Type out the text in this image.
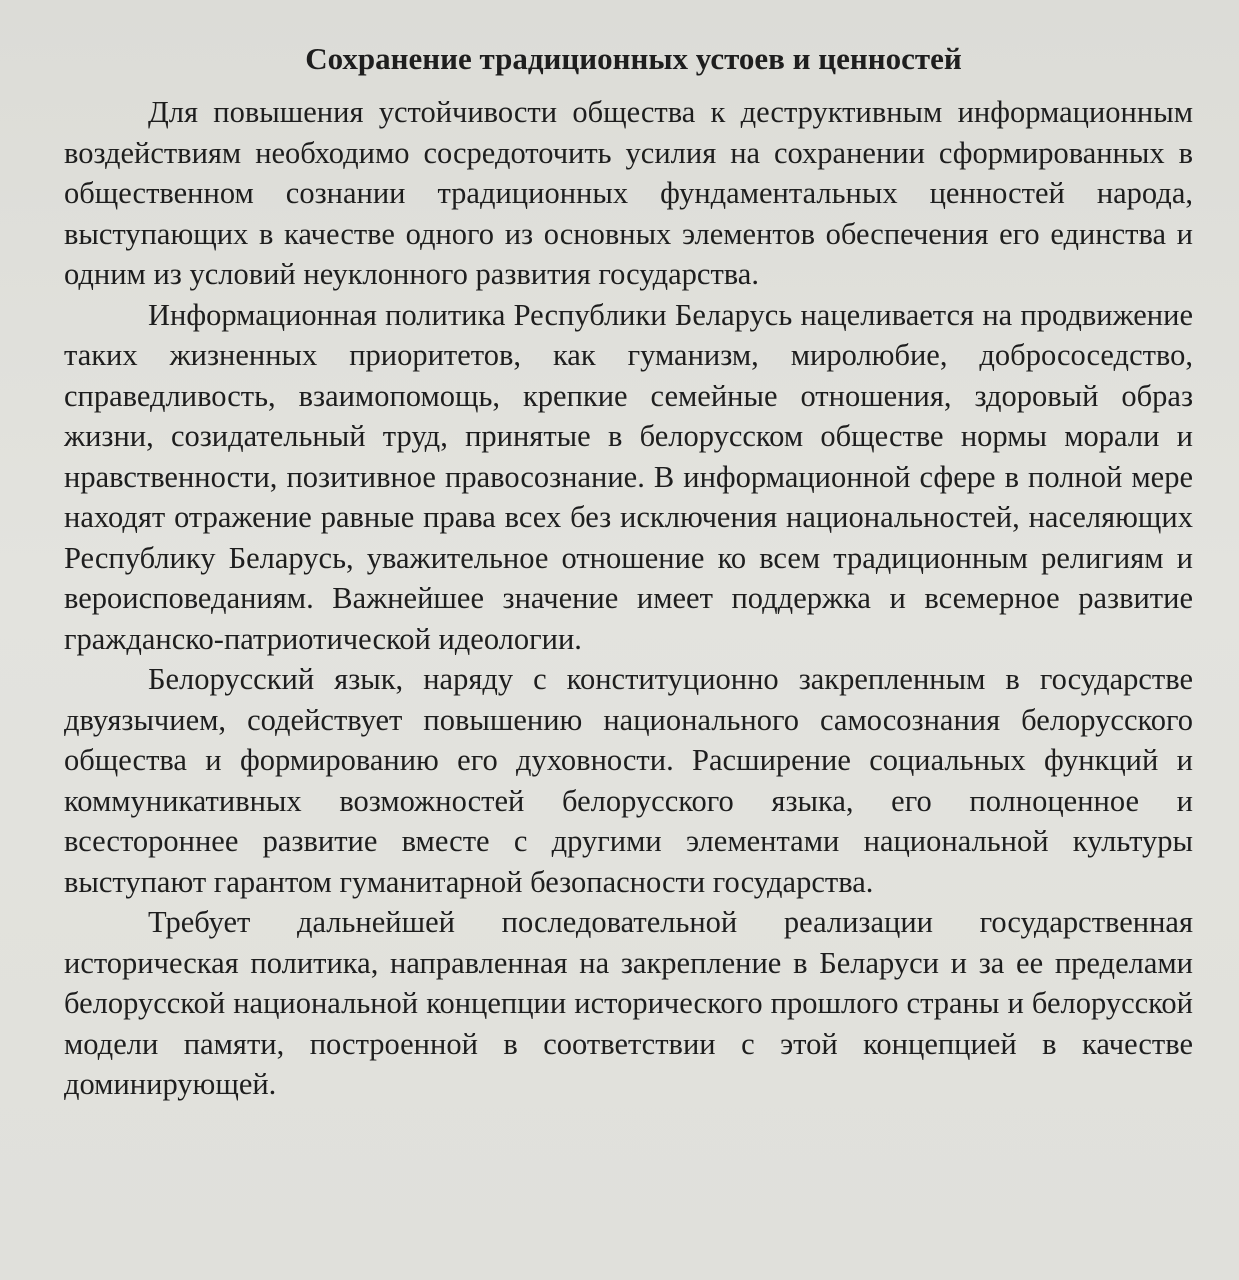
Сохранение традиционных устоев и ценностей

Для повышения устойчивости общества к деструктивным информационным воздействиям необходимо сосредоточить усилия на сохранении сформированных в общественном сознании традиционных фундаментальных ценностей народа, выступающих в качестве одного из основных элементов обеспечения его единства и одним из условий неуклонного развития государства.

Информационная политика Республики Беларусь нацеливается на продвижение таких жизненных приоритетов, как гуманизм, миролюбие, добрососедство, справедливость, взаимопомощь, крепкие семейные отношения, здоровый образ жизни, созидательный труд, принятые в белорусском обществе нормы морали и нравственности, позитивное правосознание. В информационной сфере в полной мере находят отражение равные права всех без исключения национальностей, населяющих Республику Беларусь, уважительное отношение ко всем традиционным религиям и вероисповеданиям. Важнейшее значение имеет поддержка и всемерное развитие гражданско-патриотической идеологии.

Белорусский язык, наряду с конституционно закрепленным в государстве двуязычием, содействует повышению национального самосознания белорусского общества и формированию его духовности. Расширение социальных функций и коммуникативных возможностей белорусского языка, его полноценное и всестороннее развитие вместе с другими элементами национальной культуры выступают гарантом гуманитарной безопасности государства.

Требует дальнейшей последовательной реализации государственная историческая политика, направленная на закрепление в Беларуси и за ее пределами белорусской национальной концепции исторического прошлого страны и белорусской модели памяти, построенной в соответствии с этой концепцией в качестве доминирующей.
